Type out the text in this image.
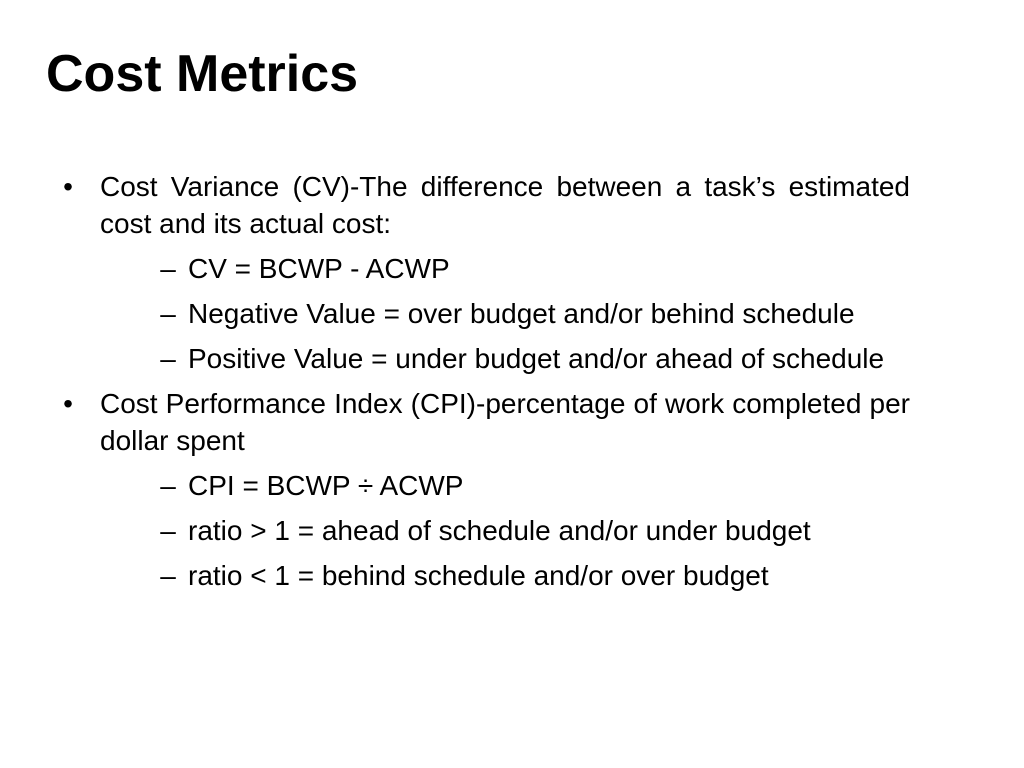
Cost Metrics
• Cost Variance (CV)-The difference between a task’s estimated cost and its actual cost:
– CV = BCWP - ACWP
– Negative Value = over budget and/or behind schedule
– Positive Value = under budget and/or ahead of schedule
• Cost Performance Index (CPI)-percentage of work completed per dollar spent
– CPI = BCWP ÷ ACWP
– ratio > 1 = ahead of schedule and/or under budget
– ratio < 1 = behind schedule and/or over budget
